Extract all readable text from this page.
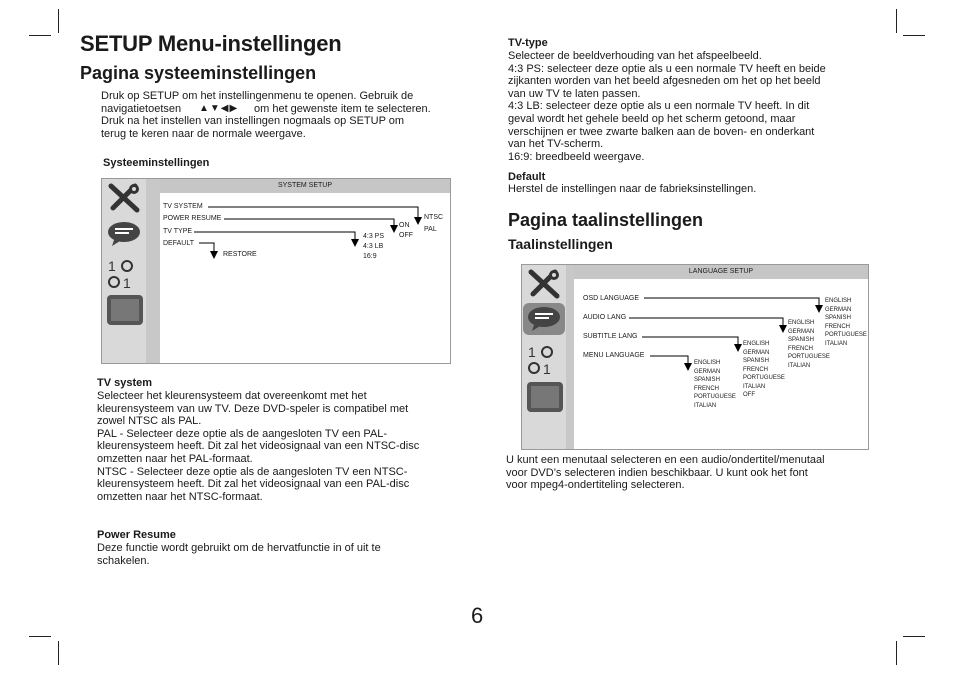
SETUP Menu-instellingen
Pagina systeeminstellingen
Druk op SETUP om het instellingenmenu te openen. Gebruik de
navigatietoetsen ▲▼◀▶ om het gewenste item te selecteren.
Druk na het instellen van instellingen nogmaals op SETUP om
terug te keren naar de normale weergave.
Systeeminstellingen
SYSTEM SETUP
1
1
TV SYSTEM
POWER RESUME
TV TYPE
DEFAULT
NTSC
PAL
ON
OFF
4:3 PS
4:3 LB
16:9
RESTORE
TV system
Selecteer het kleurensysteem dat overeenkomt met het
kleurensysteem van uw TV. Deze DVD-speler is compatibel met
zowel NTSC als PAL.
PAL - Selecteer deze optie als de aangesloten TV een PAL-
kleurensysteem heeft. Dit zal het videosignaal van een NTSC-disc
omzetten naar het PAL-formaat.
NTSC - Selecteer deze optie als de aangesloten TV een NTSC-
kleurensysteem heeft. Dit zal het videosignaal van een PAL-disc
omzetten naar het NTSC-formaat.
Power Resume
Deze functie wordt gebruikt om de hervatfunctie in of uit te
schakelen.
TV-type
Selecteer de beeldverhouding van het afspeelbeeld.
4:3 PS: selecteer deze optie als u een normale TV heeft en beide
zijkanten worden van het beeld afgesneden om het op het beeld
van uw TV te laten passen.
4:3 LB: selecteer deze optie als u een normale TV heeft. In dit
geval wordt het gehele beeld op het scherm getoond, maar
verschijnen er twee zwarte balken aan de boven- en onderkant
van het TV-scherm.
16:9: breedbeeld weergave.
Default
Herstel de instellingen naar de fabrieksinstellingen.
Pagina taalinstellingen
Taalinstellingen
LANGUAGE SETUP
1
1
OSD LANGUAGE
AUDIO LANG
SUBTITLE LANG
MENU LANGUAGE
ENGLISH
GERMAN
SPANISH
FRENCH
PORTUGUESE
ITALIAN
ENGLISH
GERMAN
SPANISH
FRENCH
PORTUGUESE
ITALIAN
ENGLISH
GERMAN
SPANISH
FRENCH
PORTUGUESE
ITALIAN
OFF
ENGLISH
GERMAN
SPANISH
FRENCH
PORTUGUESE
ITALIAN
U kunt een menutaal selecteren en een audio/ondertitel/menutaal
voor DVD’s selecteren indien beschikbaar. U kunt ook het font
voor mpeg4-ondertiteling selecteren.
6
